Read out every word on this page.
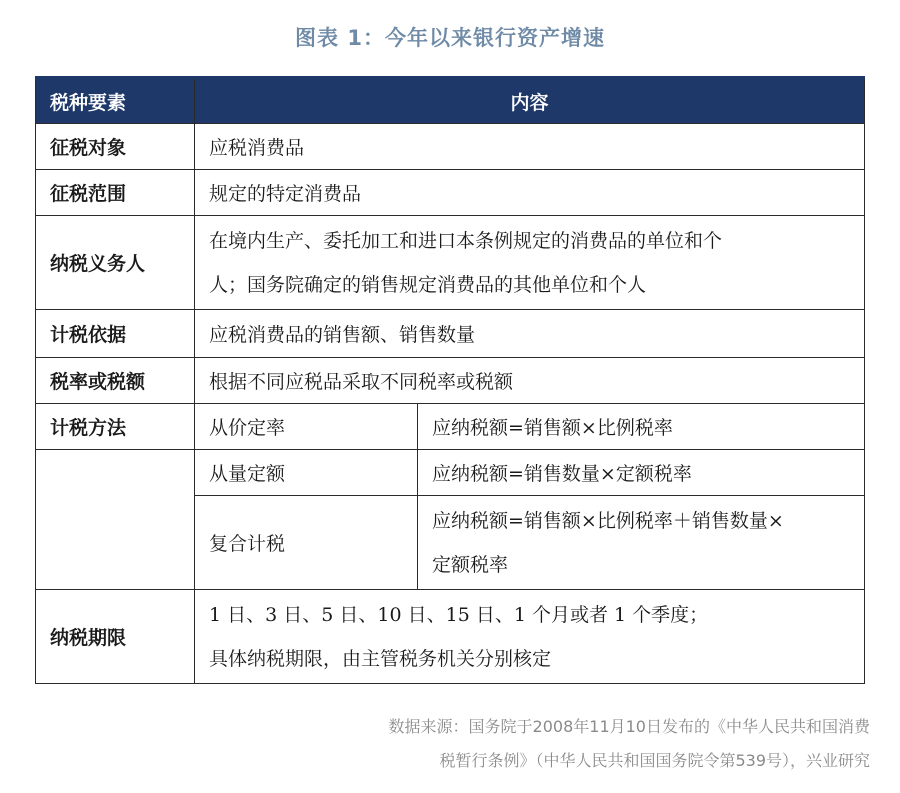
图表 1：今年以来银行资产增速
税种要素	内容	
征税对象	应税消费品	
征税范围	规定的特定消费品	
纳税义务人	在境内生产、委托加工和进口本条例规定的消费品的单位和个
人；国务院确定的销售规定消费品的其他单位和个人	

计税依据	应税消费品的销售额、销售数量	
税率或税额	根据不同应税品采取不同税率或税额	
计税方法	从价定率	应纳税额=销售额×比例税率
	从量定额	应纳税额=销售数量×定额税率
	复合计税	应纳税额=销售额×比例税率＋销售数量×
定额税率

纳税期限	1 日、3 日、5 日、10 日、15 日、1 个月或者 1 个季度；
具体纳税期限，由主管税务机关分别核定	
数据来源：国务院于2008年11月10日发布的《中华人民共和国消费
税暂行条例》（中华人民共和国国务院令第539号），兴业研究
